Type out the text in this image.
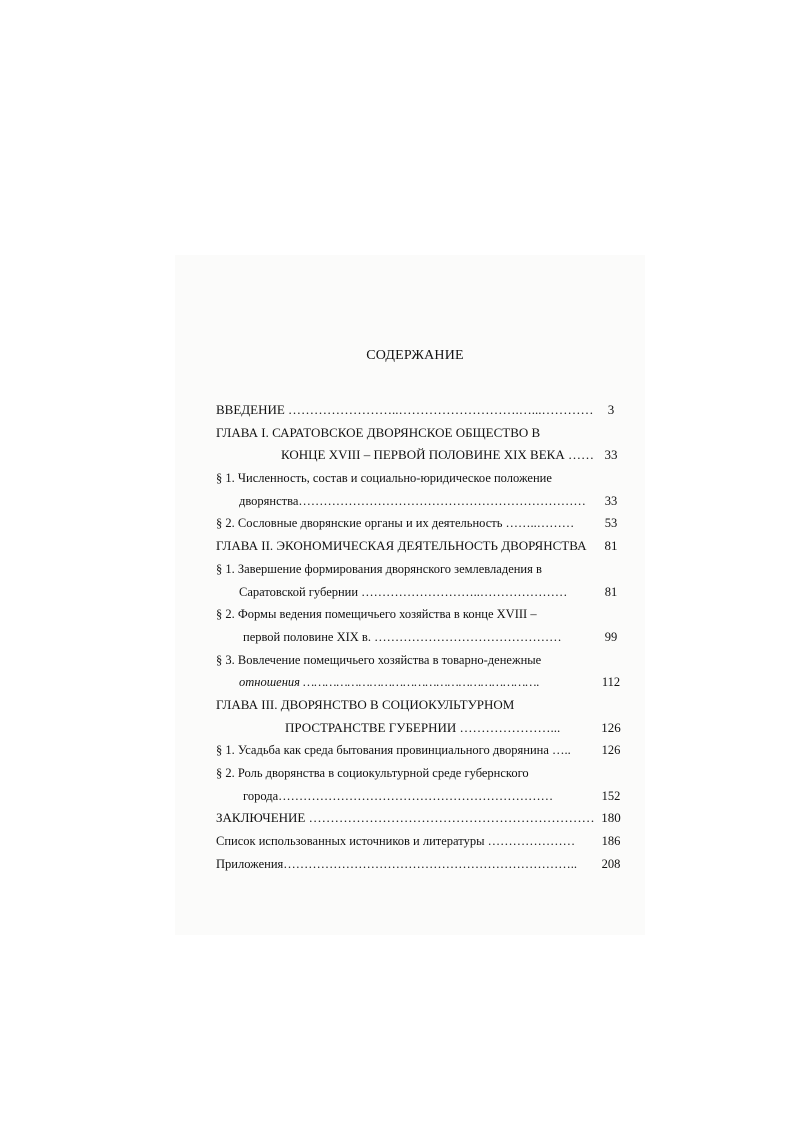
СОДЕРЖАНИЕ
ВВЕДЕНИЕ ……………………..……………………….…...…………	3
ГЛАВА I. САРАТОВСКОЕ ДВОРЯНСКОЕ ОБЩЕСТВО В
КОНЦЕ XVIII – ПЕРВОЙ ПОЛОВИНЕ XIX ВЕКА …… 33
§ 1. Численность, состав и социально-юридическое положение
дворянства……………………………………………………………	33
§ 2. Сословные дворянские органы и их деятельность ……..………	53
ГЛАВА II. ЭКОНОМИЧЕСКАЯ ДЕЯТЕЛЬНОСТЬ ДВОРЯНСТВА	81
§ 1. Завершение формирования дворянского землевладения в
Саратовской губернии ………………………..…………………	81
§ 2. Формы ведения помещичьего хозяйства в конце XVIII –
первой половине XIX в. ………………………………………	99
§ 3. Вовлечение помещичьего хозяйства в товарно-денежные
отношения ……………………………………………………….	112
ГЛАВА III. ДВОРЯНСТВО В СОЦИОКУЛЬТУРНОМ
ПРОСТРАНСТВЕ ГУБЕРНИИ …………………...	126
§ 1. Усадьба как среда бытования провинциального дворянина …..	126
§ 2. Роль дворянства в социокультурной среде губернского
города…………………………………………………………	152
ЗАКЛЮЧЕНИЕ ………………………………………………………… 180
Список использованных источников и литературы …………………	186
Приложения……………………………………………………………..	208
